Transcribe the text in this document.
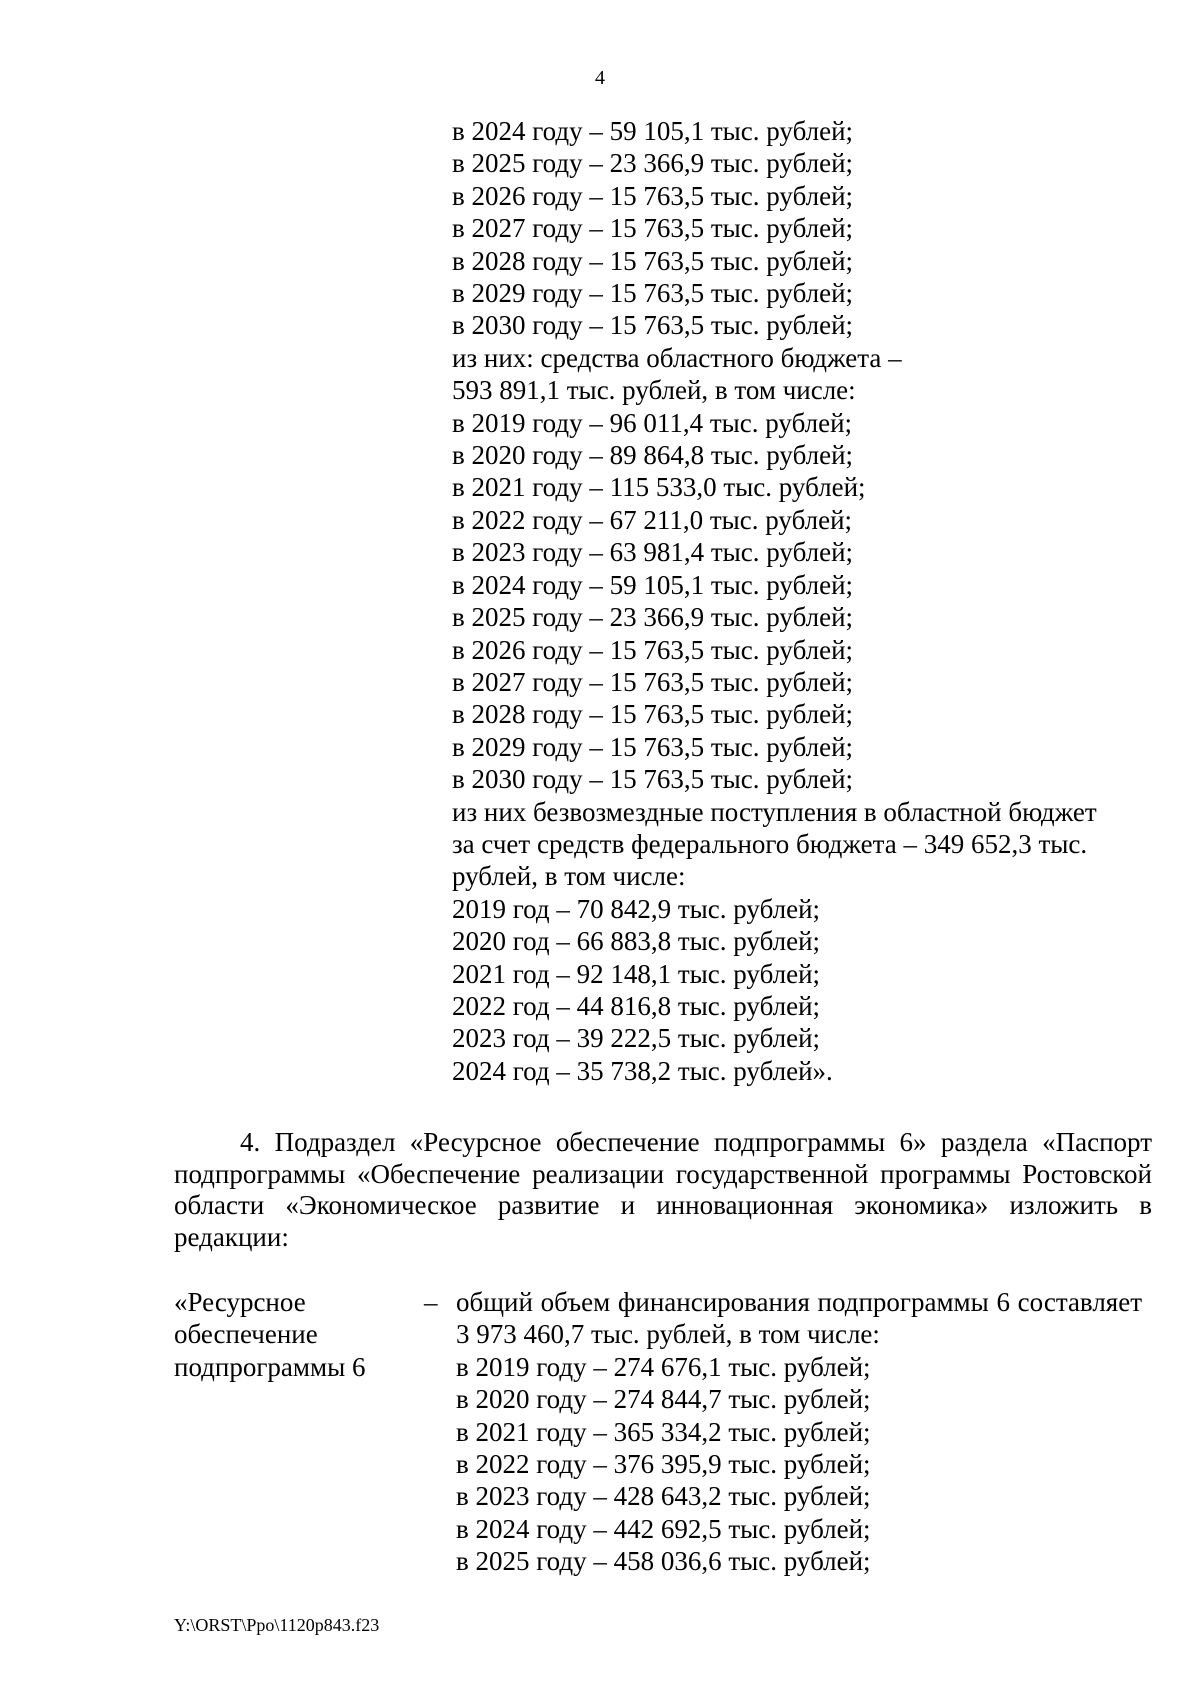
4
в 2024 году – 59 105,1 тыс. рублей;
в 2025 году – 23 366,9 тыс. рублей;
в 2026 году – 15 763,5 тыс. рублей;
в 2027 году – 15 763,5 тыс. рублей;
в 2028 году – 15 763,5 тыс. рублей;
в 2029 году – 15 763,5 тыс. рублей;
в 2030 году – 15 763,5 тыс. рублей;
из них: средства областного бюджета –
593 891,1 тыс. рублей, в том числе:
в 2019 году – 96 011,4 тыс. рублей;
в 2020 году – 89 864,8 тыс. рублей;
в 2021 году – 115 533,0 тыс. рублей;
в 2022 году – 67 211,0 тыс. рублей;
в 2023 году – 63 981,4 тыс. рублей;
в 2024 году – 59 105,1 тыс. рублей;
в 2025 году – 23 366,9 тыс. рублей;
в 2026 году – 15 763,5 тыс. рублей;
в 2027 году – 15 763,5 тыс. рублей;
в 2028 году – 15 763,5 тыс. рублей;
в 2029 году – 15 763,5 тыс. рублей;
в 2030 году – 15 763,5 тыс. рублей;
из них безвозмездные поступления в областной бюджет
за счет средств федерального бюджета – 349 652,3 тыс.
рублей, в том числе:
2019 год – 70 842,9 тыс. рублей;
2020 год – 66 883,8 тыс. рублей;
2021 год – 92 148,1 тыс. рублей;
2022 год – 44 816,8 тыс. рублей;
2023 год – 39 222,5 тыс. рублей;
2024 год – 35 738,2 тыс. рублей».
4. Подраздел «Ресурсное обеспечение подпрограммы 6» раздела «Паспорт подпрограммы «Обеспечение реализации государственной программы Ростовской области «Экономическое развитие и инновационная экономика» изложить в редакции:
«Ресурсное
обеспечение
подпрограммы 6
– общий объем финансирования подпрограммы 6 составляет 3 973 460,7 тыс. рублей, в том числе:
в 2019 году – 274 676,1 тыс. рублей;
в 2020 году – 274 844,7 тыс. рублей;
в 2021 году – 365 334,2 тыс. рублей;
в 2022 году – 376 395,9 тыс. рублей;
в 2023 году – 428 643,2 тыс. рублей;
в 2024 году – 442 692,5 тыс. рублей;
в 2025 году – 458 036,6 тыс. рублей;
Y:\ORST\Ppo\1120p843.f23
